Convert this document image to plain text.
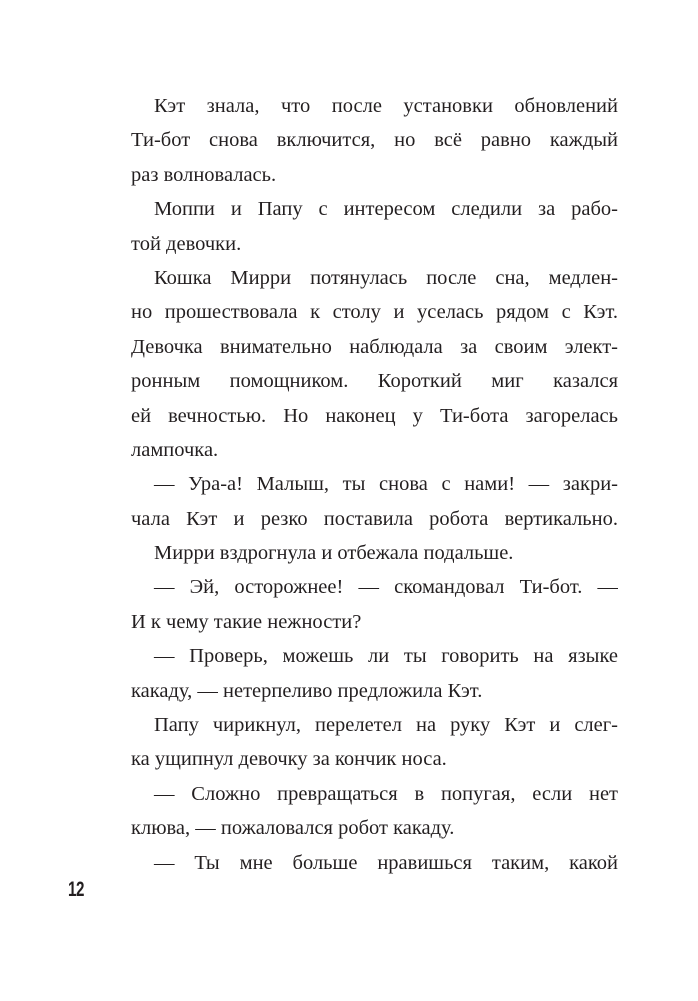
Кэт знала, что после установки обновлений
Ти-бот снова включится, но всё равно каждый
раз волновалась.
Моппи и Папу с интересом следили за рабо-
той девочки.
Кошка Мирри потянулась после сна, медлен-
но прошествовала к столу и уселась рядом с Кэт.
Девочка внимательно наблюдала за своим элект-
ронным помощником. Короткий миг казался
ей вечностью. Но наконец у Ти-бота загорелась
лампочка.
— Ура-а! Малыш, ты снова с нами! — закри-
чала Кэт и резко поставила робота вертикально.
Мирри вздрогнула и отбежала подальше.
— Эй, осторожнее! — скомандовал Ти-бот. —
И к чему такие нежности?
— Проверь, можешь ли ты говорить на языке
какаду, — нетерпеливо предложила Кэт.
Папу чирикнул, перелетел на руку Кэт и слег-
ка ущипнул девочку за кончик носа.
— Сложно превращаться в попугая, если нет
клюва, — пожаловался робот какаду.
— Ты мне больше нравишься таким, какой
12
